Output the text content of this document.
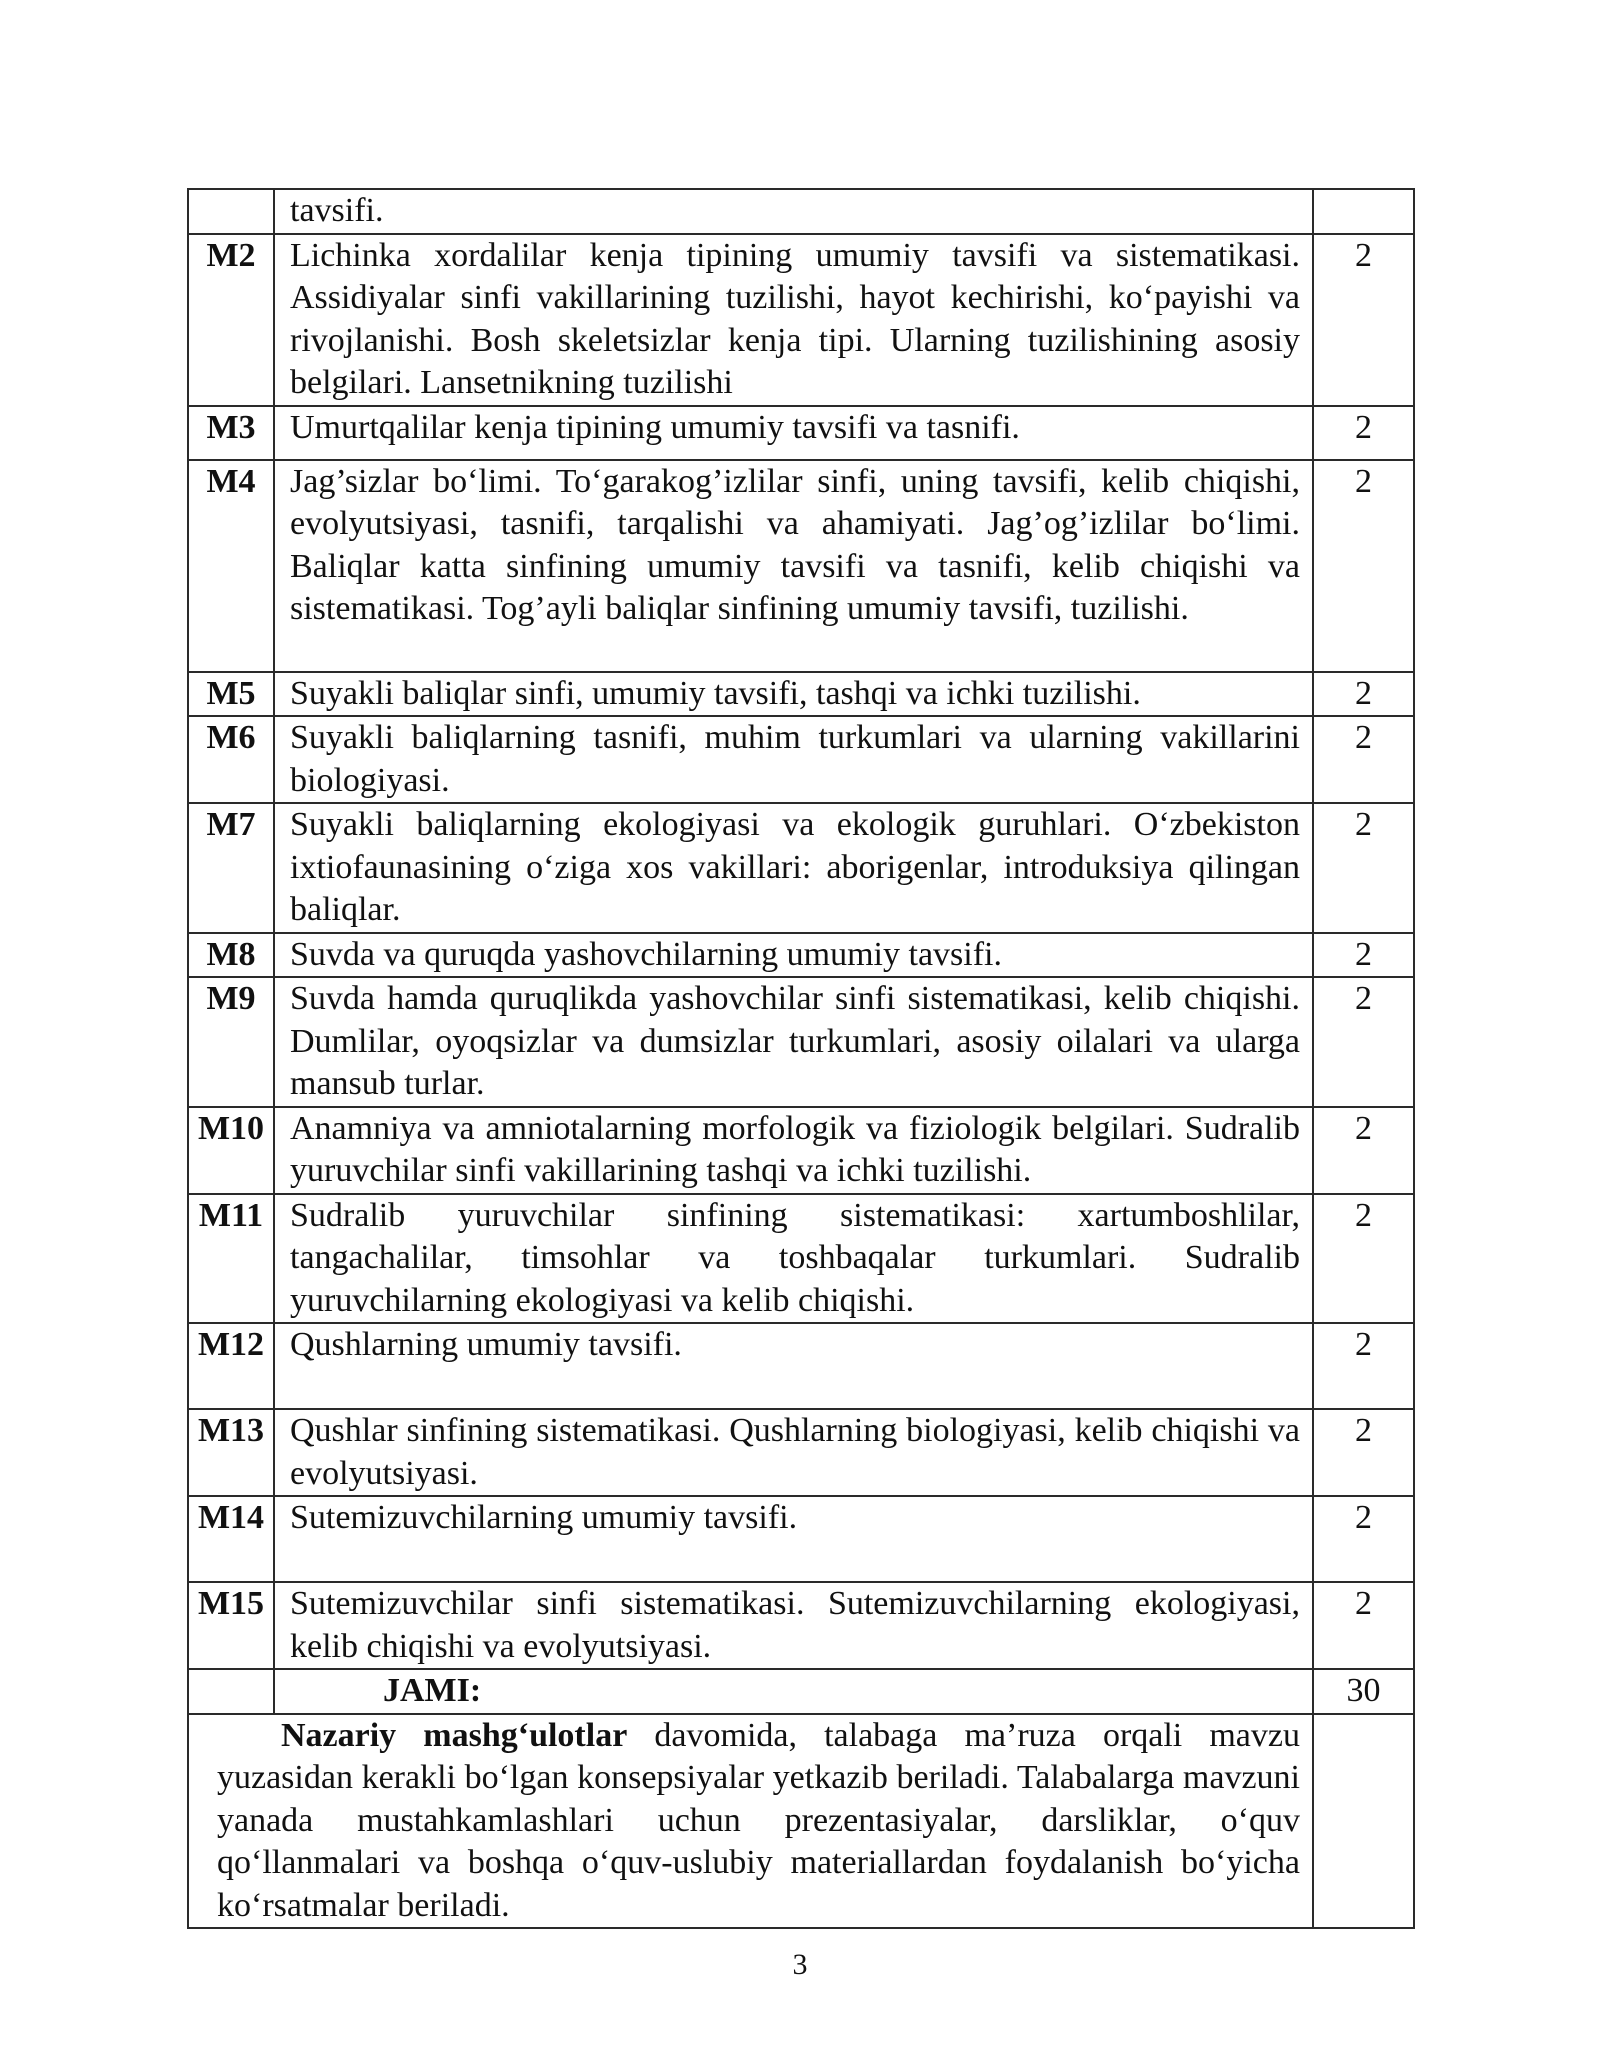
	tavsifi.	
M2	Lichinka xordalilar kenja tipining umumiy tavsifi va sistematikasi. Assidiyalar sinfi vakillarining tuzilishi, hayot kechirishi, ko‘payishi va rivojlanishi. Bosh skeletsizlar kenja tipi. Ularning tuzilishining asosiy belgilari. Lansetnikning tuzilishi	2
M3	Umurtqalilar kenja tipining umumiy tavsifi va tasnifi.	2
M4	Jag’sizlar bo‘limi. To‘garakog’izlilar sinfi, uning tavsifi, kelib chiqishi, evolyutsiyasi, tasnifi, tarqalishi va ahamiyati. Jag’og’izlilar bo‘limi. Baliqlar katta sinfining umumiy tavsifi va tasnifi, kelib chiqishi va sistematikasi. Tog’ayli baliqlar sinfining umumiy tavsifi, tuzilishi.	2
M5	Suyakli baliqlar sinfi, umumiy tavsifi, tashqi va ichki tuzilishi.	2
M6	Suyakli baliqlarning tasnifi, muhim turkumlari va ularning vakillarini biologiyasi.	2
M7	Suyakli baliqlarning ekologiyasi va ekologik guruhlari. O‘zbekiston ixtiofaunasining o‘ziga xos vakillari: aborigenlar, introduksiya qilingan baliqlar.	2
M8	Suvda va quruqda yashovchilarning umumiy tavsifi.	2
M9	Suvda hamda quruqlikda yashovchilar sinfi sistematikasi, kelib chiqishi. Dumlilar, oyoqsizlar va dumsizlar turkumlari, asosiy oilalari va ularga mansub turlar.	2
M10	Anamniya va amniotalarning morfologik va fiziologik belgilari. Sudralib yuruvchilar sinfi vakillarining tashqi va ichki tuzilishi.	2
M11	Sudralib yuruvchilar sinfining sistematikasi: xartumboshlilar, tangachalilar, timsohlar va toshbaqalar turkumlari. Sudralib yuruvchilarning ekologiyasi va kelib chiqishi.	2
M12	Qushlarning umumiy tavsifi.	2
M13	Qushlar sinfining sistematikasi. Qushlarning biologiyasi, kelib chiqishi va evolyutsiyasi.	2
M14	Sutemizuvchilarning umumiy tavsifi.	2
M15	Sutemizuvchilar sinfi sistematikasi. Sutemizuvchilarning ekologiyasi, kelib chiqishi va evolyutsiyasi.	2
	JAMI:	30
Nazariy mashg‘ulotlar davomida, talabaga ma’ruza orqali mavzu yuzasidan kerakli bo‘lgan konsepsiyalar yetkazib beriladi. Talabalarga mavzuni yanada mustahkamlashlari uchun prezentasiyalar, darsliklar, o‘quv qo‘llanmalari va boshqa o‘quv-uslubiy materiallardan foydalanish bo‘yicha ko‘rsatmalar beriladi.		
3
